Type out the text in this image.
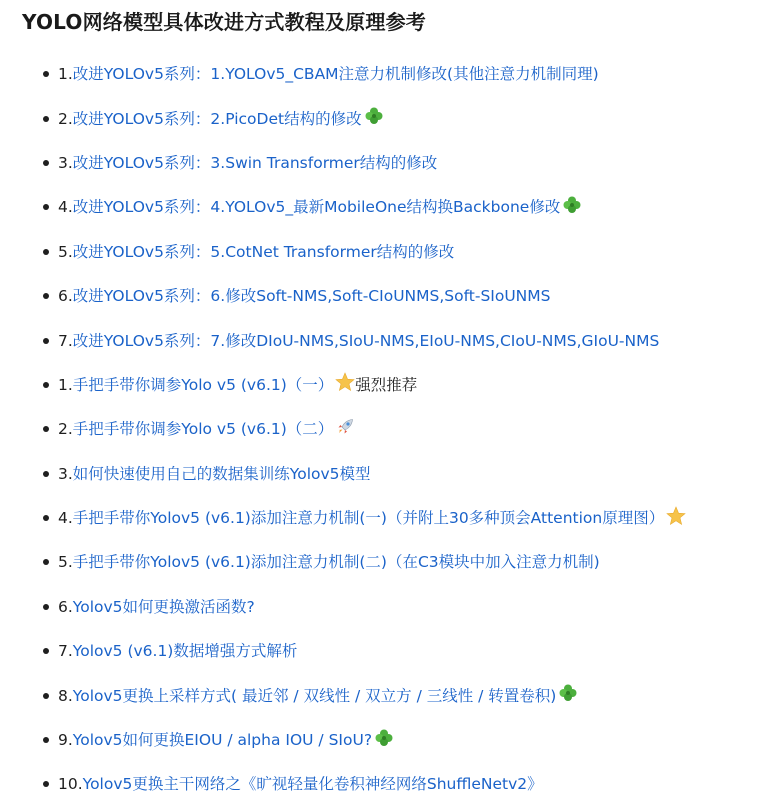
YOLO网络模型具体改进方式教程及原理参考
1. 改进YOLOv5系列：1.YOLOv5_CBAM注意力机制修改(其他注意力机制同理)
2. 改进YOLOv5系列：2.PicoDet结构的修改
3. 改进YOLOv5系列：3.Swin Transformer结构的修改
4. 改进YOLOv5系列：4.YOLOv5_最新MobileOne结构换Backbone修改
5. 改进YOLOv5系列：5.CotNet Transformer结构的修改
6. 改进YOLOv5系列：6.修改Soft-NMS,Soft-CIoUNMS,Soft-SIoUNMS
7. 改进YOLOv5系列：7.修改DIoU-NMS,SIoU-NMS,EIoU-NMS,CIoU-NMS,GIoU-NMS
1. 手把手带你调参Yolo v5 (v6.1)（一） 强烈推荐
2. 手把手带你调参Yolo v5 (v6.1)（二）
3. 如何快速使用自己的数据集训练Yolov5模型
4. 手把手带你Yolov5 (v6.1)添加注意力机制(一)（并附上30多种顶会Attention原理图）
5. 手把手带你Yolov5 (v6.1)添加注意力机制(二)（在C3模块中加入注意力机制)
6. Yolov5如何更换激活函数?
7. Yolov5 (v6.1)数据增强方式解析
8. Yolov5更换上采样方式( 最近邻 / 双线性 / 双立方 / 三线性 / 转置卷积)
9. Yolov5如何更换EIOU / alpha IOU / SIoU?
10. Yolov5更换主干网络之《旷视轻量化卷积神经网络ShuffleNetv2》
